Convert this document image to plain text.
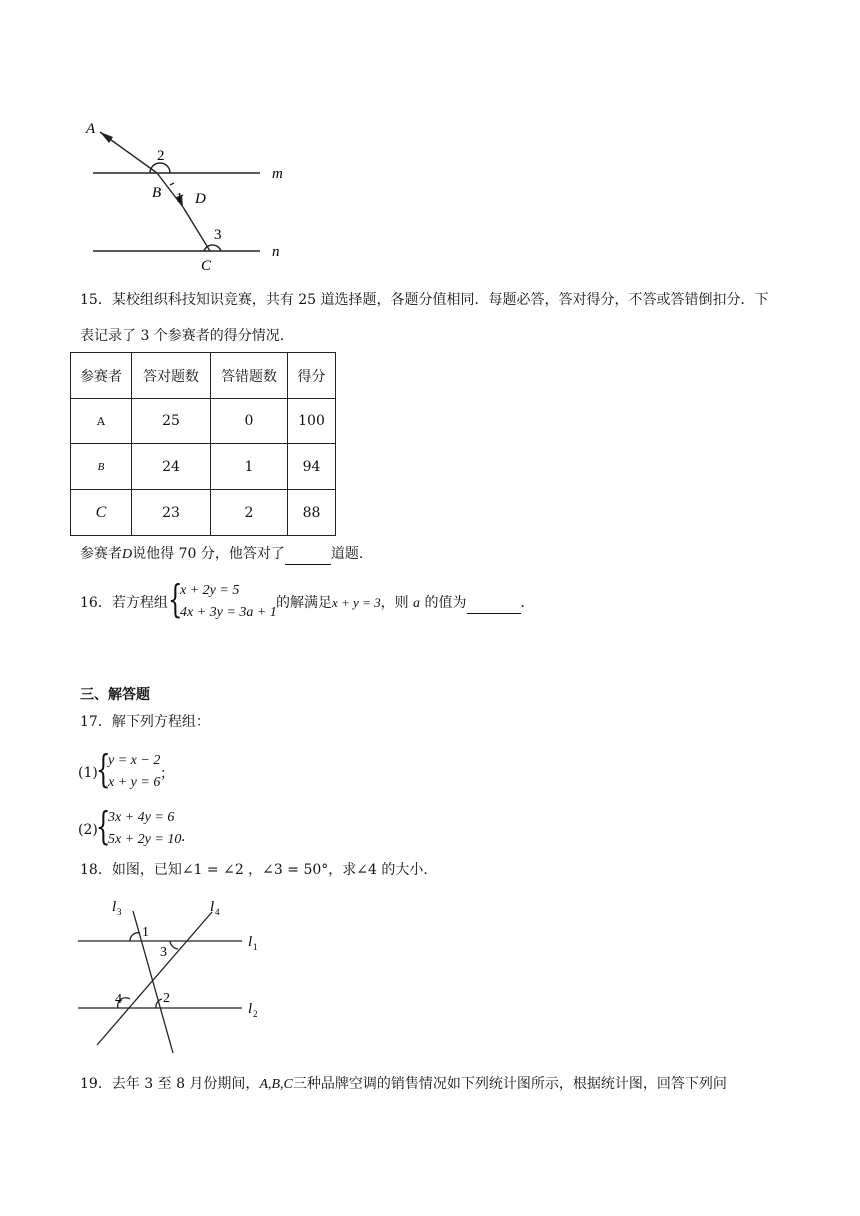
A
2
B 1 D
3
C
m
n
15．某校组织科技知识竞赛，共有 25 道选择题，各题分值相同．每题必答，答对得分，不答或答错倒扣分．下
表记录了 3 个参赛者的得分情况．
参赛者	答对题数	答错题数	得分
A	25	0	100
B	24	1	94
C	23	2	88
参赛者D说他得 70 分，他答对了	道题．
16．若方程组 {
x + 2y = 5
4x + 3y = 3a + 1
的解满足x + y = 3，则 a 的值为	．
三、解答题
17．解下列方程组：
(1)
{
y = x − 2
x + y = 6
；
(2)
{
3x + 4y = 6
5x + 2y = 10 ．
18．如图，已知∠1 = ∠2 ，∠3 = 50°，求∠4 的大小．
l 3	l 4
l 1
l 2
1
3
4	2
19．去年 3 至 8 月份期间，A,B,C三种品牌空调的销售情况如下列统计图所示，根据统计图，回答下列问
